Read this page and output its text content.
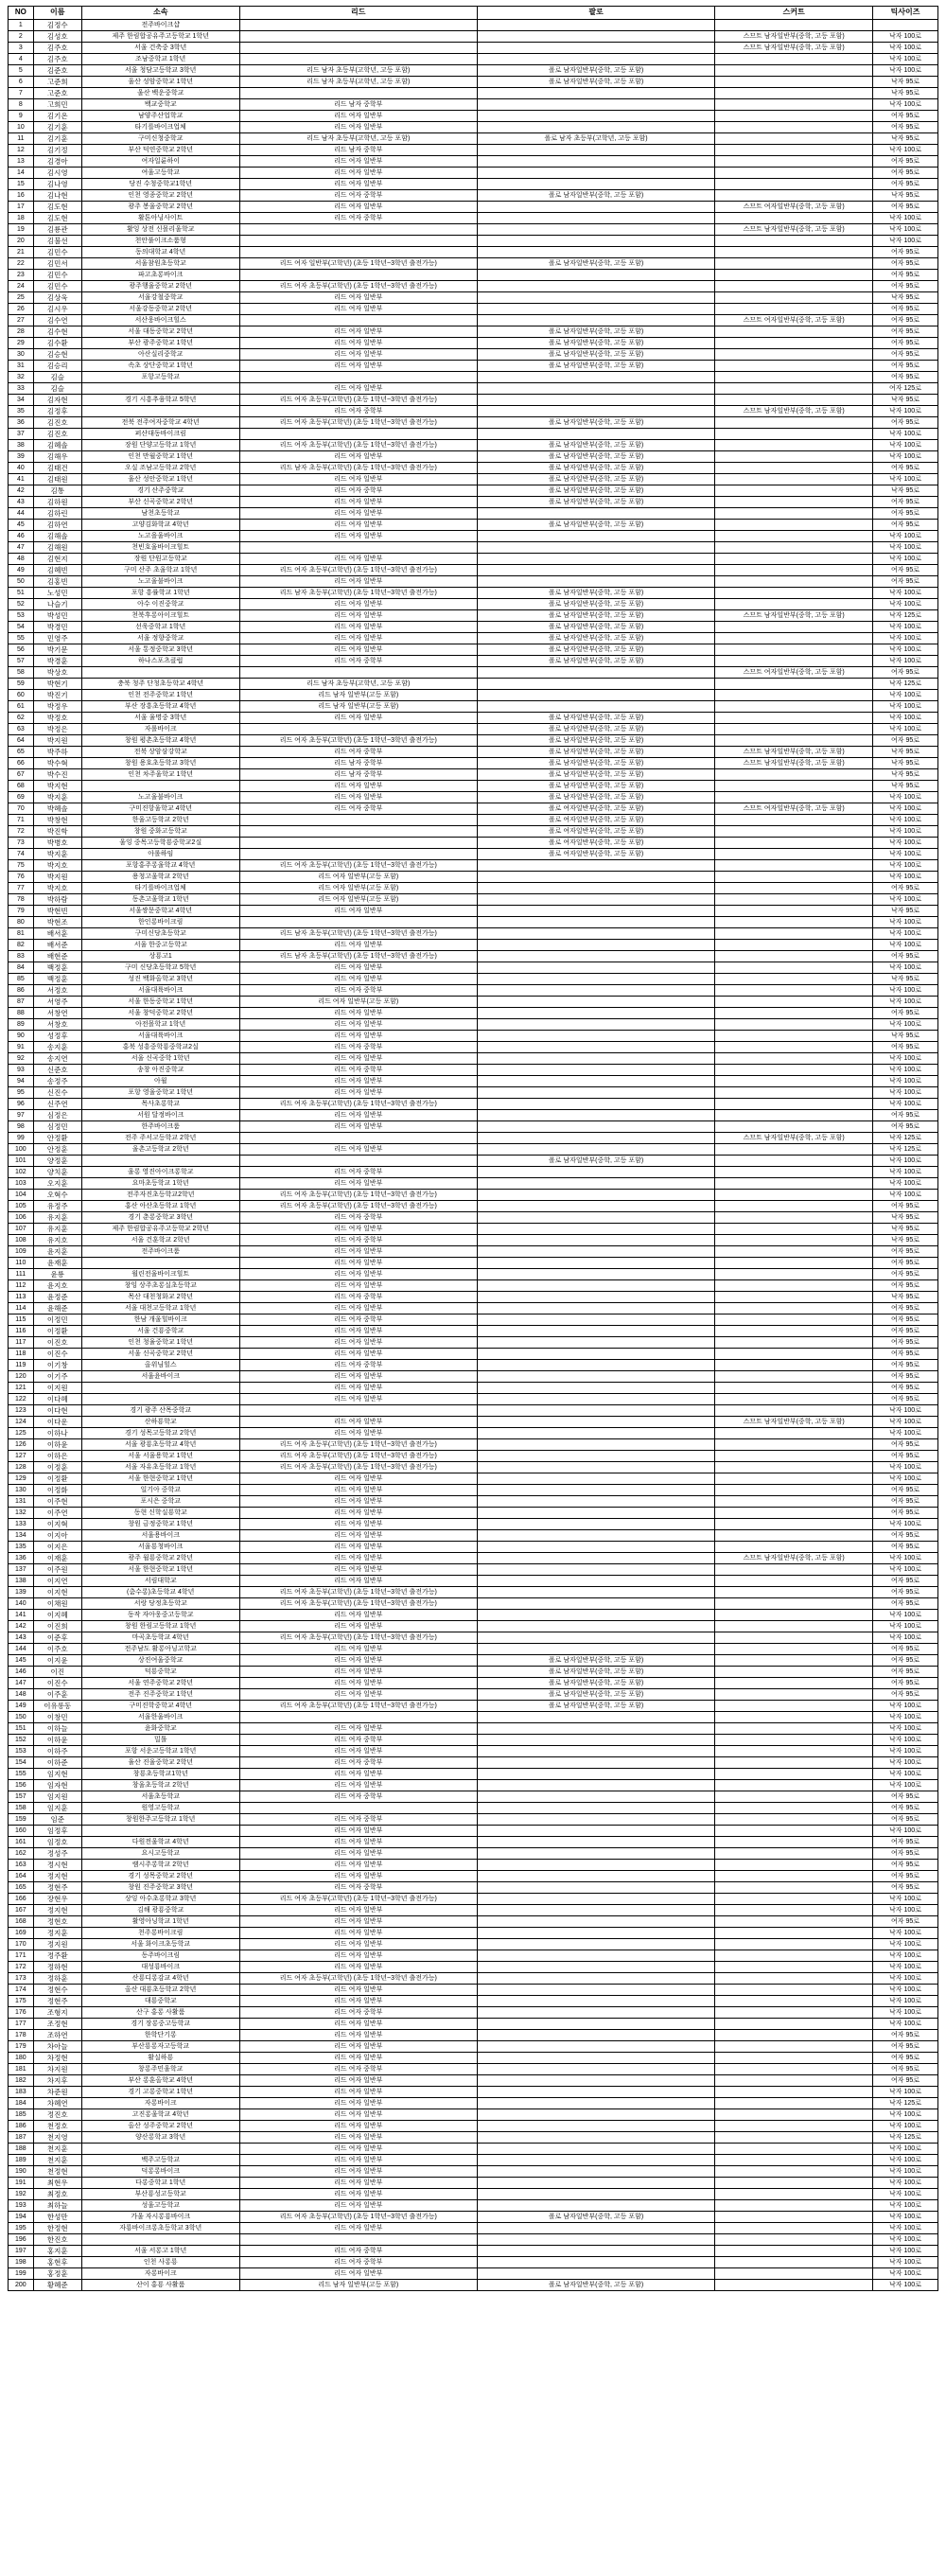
NO	이름	소속	리드	팔로	스커트	틱사이즈
1	김정수	전주바이크샵				
2	김성호	제주 한림합공유주고등학교 1학년			스므트 남자일반부(중학, 고등 포함)	낙자 100로
3	김주호	서울 건축중 3학년			스므트 남자일반부(중학, 고등 포함)	낙자 100로
4	김주호	조남중학교 1학년				낙자 100로
5	김준호	서울 청담고등학교 3학년	리드 남자 초등부(고학년, 고등 포함)	폴로 남자일반부(중학, 고등 포함)		낙자 100로
6	고준희	울산 성암중학교 1학년	리드 남자 초등부(고학년, 고등 포함)	폴로 남자일반부(중학, 고등 포함)		낙자 95로
7	고준호	울산 백운중학교				낙자 95로
8	고희민	백교중학교	리드 남자 중학부			낙자 100로
9	김기온	남양주산업학교	리드 여자 일반부			여자 95로
10	김기훈	타기를바이크업체	리드 여자 일반부			여자 95로
11	김기훈	구미신청중학교	리드 남자 초등부(고학년, 고등 포함)	폴로 남자 초등부(고학년, 고등 포함)		낙자 95로
12	김기정	부산 덕연중학교 2학년	리드 남자 중학부			낙자 100로
13	김경아	여자일륜하이	리드 여자 일반부			여자 95로
14	김시영	여울고등학교	리드 여자 일반부			여자 95로
15	김나영	당진 수청중학교1학년	리드 여자 일반부			여자 95로
16	김나현	인천 영종중학교 2학년	리드 여자 중학부	폴로 남자일반부(중학, 고등 포함)		낙자 95로
17	김도현	광주 봉울중학교 2학년	리드 여자 일반부		스므트 여자일반부(중학, 고등 포함)	여자 95로
18	김도현	활톤아닝사이트	리드 여자 중학부			낙자 100로
19	김룡관	활잉 상전 신몰리울학교			스므트 남자일반부(중학, 고등 포함)	낙자 100로
20	김불선	천안풀이크소룸형				낙자 100로
21	김민수	동의대학교 4학년				여자 95로
22	김민서	서울참원초등학교	리드 여자 일반부(고학년) (초등 1학년~3학년 출전가능)	폴로 남자일반부(중학, 고등 포함)		여자 95로
23	김민수	파고초롱바이크				여자 95로
24	김민수	광주행울중학교 2학년	리드 여자 초등부(고학년) (초등 1학년~3학년 출전가능)			여자 95로
25	김상욱	서울강철중학교	리드 여자 일반부			낙자 95로
26	김시우	서울강동중학교 2학년	리드 여자 일반부			여자 95로
27	김수연	서산웅바이크힐스			스므트 여자일반부(중학, 고등 포함)	여자 95로
28	김수현	서울 대동중학교 2학년	리드 여자 일반부	폴로 남자일반부(중학, 고등 포함)		여자 95로
29	김수환	부산 광주중학교 1학년	리드 여자 일반부	폴로 남자일반부(중학, 고등 포함)		여자 95로
30	김승현	아산실리중학교	리드 여자 일반부	폴로 남자일반부(중학, 고등 포함)		여자 95로
31	김승리	속초 상단중학교 1학년	리드 여자 일반부	폴로 남자일반부(중학, 고등 포함)		여자 95로
32	김슬	포항고등학교				여자 95로
33	김슬		리드 여자 일반부			여자 125로
34	김자현	경기 시흥추융학교 5학년	리드 여자 초등부(고학년) (초등 1학년~3학년 출전가능)			낙자 95로
35	김정후		리드 여자 중학부		스므트 남자일반부(중학, 고등 포함)	낙자 100로
36	김진호	전북 전주여자중학교 4학년	리드 여자 초등부(고학년) (초등 1학년~3학년 출전가능)	폴로 남자일반부(중학, 고등 포함)		여자 95로
37	김진호	퍼산대동바이크림				낙자 100로
38	김혜솔	장원 단양고등학교 1학년	리드 여자 초등부(고학년) (초등 1학년~3학년 출전가능)	폴로 남자일반부(중학, 고등 포함)		낙자 100로
39	김해우	인천 만월중학교 1학년	리드 여자 일반부	폴로 남자일반부(중학, 고등 포함)		낙자 100로
40	김태건	오실 조남고등학교 2학년	리드 남자 초등부(고학년) (초등 1학년~3학년 출전가능)	폴로 남자일반부(중학, 고등 포함)		여자 95로
41	김태원	울산 성안중학교 1학년	리드 여자 일반부	폴로 남자일반부(중학, 고등 포함)		낙자 100로
42	김통	경기 산주중학교	리드 여자 중학부	폴로 남자일반부(중학, 고등 포함)		낙자 95로
43	김하원	부산 신곡중학교 2학년	리드 여자 일반부	폴로 남자일반부(중학, 고등 포함)		여자 95로
44	김하린	남천초등학교	리드 여자 일반부			여자 95로
45	김하연	고양김화학교 4학년	리드 여자 일반부	폴로 남자일반부(중학, 고등 포함)		여자 95로
46	김해솔	노고을울바이크	리드 여자 일반부			낙자 100로
47	김해원	천빈호울바이크힐트				낙자 100로
48	김현지	장원 단원고등학교	리드 여자 일반부			낙자 100로
49	김혜빈	구미 산주 초울학교 1학년	리드 여자 초등부(고학년) (초등 1학년~3학년 출전가능)			여자 95로
50	김홍빈	노고울불바이크	리드 여자 일반부			여자 95로
51	노성민	포항 흥률학교 1학년	리드 남자 초등부(고학년) (초등 1학년~3학년 출전가능)	폴로 남자일반부(중학, 고등 포함)		낙자 100로
52	나슬기	아수 이진중학교	리드 여자 일반부	폴로 남자일반부(중학, 고등 포함)		낙자 100로
53	박성민	천북후롱아이크힐트	리드 여자 일반부	폴로 남자일반부(중학, 고등 포함)	스므트 남자일반부(중학, 고등 포함)	낙자 125로
54	박경민	선욱중학교 1학년	리드 여자 일반부	폴로 남자일반부(중학, 고등 포함)		낙자 100로
55	민영주	서울 정향중학교	리드 여자 일반부	폴로 남자일반부(중학, 고등 포함)		낙자 100로
56	박기문	서울 통정중학교 3학년	리드 여자 일반부	폴로 남자일반부(중학, 고등 포함)		낙자 100로
57	박경훈	하나스포츠클럽	리드 여자 중학부	폴로 남자일반부(중학, 고등 포함)		낙자 100로
58	박상호				스므트 여자일반부(중학, 고등 포함)	여자 95로
59	박현기	충북 청주 단청초등학교 4학년	리드 남자 초등부(고학년, 고등 포함)			낙자 125로
60	박진기	인천 전주중학교 1학년	리드 남자 일반부(고등 포함)			낙자 100로
61	박정우	부산 장흥초등학교 4학년	리드 남자 일반부(고등 포함)			낙자 100로
62	박정호	서울 율명중 3학년	리드 여자 일반부	폴로 남자일반부(중학, 고등 포함)		낙자 100로
63	박정은	자롤바이크		폴로 남자일반부(중학, 고등 포함)		낙자 100로
64	박지원	창원 평촌초등학교 4학년	리드 여자 초등부(고학년) (초등 1학년~3학년 출전가능)	폴로 남자일반부(중학, 고등 포함)		여자 95로
65	박주하	전북 상암삼강학교	리드 여자 중학부	폴로 남자일반부(중학, 고등 포함)	스므트 남자일반부(중학, 고등 포함)	낙자 95로
66	박수혁	창원 용호초등학교 3학년	리드 남자 중학부	폴로 남자일반부(중학, 고등 포함)	스므트 남자일반부(중학, 고등 포함)	낙자 95로
67	박수진	인천 차주울학교 1학년	리드 남자 중학부	폴로 남자일반부(중학, 고등 포함)		낙자 95로
68	박지현		리드 여자 일반부	폴로 남자일반부(중학, 고등 포함)		낙자 95로
69	박지훈	노고울불바이크	리드 여자 일반부	폴로 남자일반부(중학, 고등 포함)		낙자 100로
70	박혜솔	구미진항울학교 4학년	리드 여자 중학부	폴로 여자일반부(중학, 고등 포함)	스므트 여자일반부(중학, 고등 포함)	낙자 100로
71	박창현	한울고등학교 2학년		폴로 여자일반부(중학, 고등 포함)		낙자 100로
72	박진학	창원 중화고등학교		폴로 여자일반부(중학, 고등 포함)		낙자 100로
73	박병호	울잉 중목고등학룡중학교2실		폴로 여자일반부(중학, 고등 포함)		낙자 100로
74	박지훈	아롤하임		폴로 여자일반부(중학, 고등 포함)		낙자 100로
75	박지호	포항홍주롱울학교 4학년	리드 여자 초등부(고학년) (초등 1학년~3학년 출전가능)			낙자 100로
76	박지원	용청고울학교 2학년	리드 여자 일반부(고등 포함)			낙자 100로
77	박지호	타기를바이크업체	리드 여자 일반부(고등 포함)			여자 95로
78	박하람	동촌고울학교 1학년	리드 여자 일반부(고등 포함)			낙자 100로
79	박현빈	서울쌍문중학교 4학년	리드 여자 일반부			낙자 95로
80	박현조	한인롱바이크림				낙자 100로
81	배서훈	구미신당초등학교	리드 남자 초등부(고학년) (초등 1학년~3학년 출전가능)			낙자 100로
82	배서준	서울 한중고등학교	리드 여자 일반부			낙자 100로
83	배현준	상룡고1	리드 남자 초등부(고학년) (초등 1학년~3학년 출전가능)			여자 95로
84	백정훈	구미 신당초등학교 5학년	리드 여자 일반부			낙자 100로
85	백정훈	성진 백화올학교 3학년	리드 여자 일반부			낙자 95로
86	서정호	서울대륙바이크	리드 여자 중학부			낙자 100로
87	서영주	서울 한동중학교 1학년	리드 여자 일반부(고등 포함)			낙자 100로
88	서창연	서울 창덕중학교 2학년	리드 여자 일반부			여자 95로
89	서창호	아전몰학교 1학년	리드 여자 일반부			낙자 100로
90	성정후	서울대륙바이크	리드 여자 일반부			낙자 95로
91	송지훈	홍북 성흥중학룡중학교2실	리드 여자 중학부			여자 95로
92	송지연	서울 신곡중학 1학년	리드 여자 일반부			낙자 100로
93	신준호	송창 아진중학교	리드 여자 중학부			낙자 100로
94	송정주	아월	리드 여자 일반부			낙자 100로
95	신진수	포항 영울중학교 1학년	리드 여자 일반부			낙자 100로
96	신주연	목사초롱학교	리드 여자 초등부(고학년) (초등 1학년~3학년 출전가능)			낙자 100로
97	심정은	서원 달정바이크	리드 여자 일반부			여자 95로
98	심정민	한주바이크룸	리드 여자 일반부			여자 95로
99	안정환	전주 주서고등학교 2학년			스므트 남자일반부(중학, 고등 포함)	낙자 125로
100	안정훈	울촌고등학교 2학년	리드 여자 일반부			낙자 125로
101	양정훈			폴로 남자일반부(중학, 고등 포함)		낙자 100로
102	양치훈	울롱 영진아이크롱학교	리드 여자 중학부			낙자 100로
103	오지훈	요마초등학교 1학년	리드 여자 일반부			낙자 100로
104	오혁수	전주자진초등학교2학년	리드 여자 초등부(고학년) (초등 1학년~3학년 출전가능)			낙자 100로
105	유정주	홍산 아산초등학교 1학년	리드 여자 초등부(고학년) (초등 1학년~3학년 출전가능)			여자 95로
106	유지훈	경기 춘롱중학교 3학년	리드 여자 중학부			낙자 95로
107	유지훈	제주 한림합공유주고등학교 2학년	리드 여자 일반부			낙자 95로
108	유지호	서울 건훈학교 2학년	리드 여자 중학부			낙자 95로
109	윤지훈	전주바이크룸	리드 여자 일반부			여자 95로
110	윤재훈		리드 여자 일반부			여자 95로
111	윤룡	윌린전울바이크힐트	리드 여자 일반부			여자 95로
112	윤지호	창잉 상주초롱실초등학교	리드 여자 일반부			여자 95로
113	윤정준	목산 대천청화교 2학년	리드 여자 중학부			낙자 95로
114	윤해준	서울 대천고등학교 1학년	리드 여자 일반부			여자 95로
115	이정민	한남 개울힐바이크	리드 여자 중학부			여자 95로
116	이정환	서울 건룡중학교	리드 여자 일반부			여자 95로
117	이진호	인천 청율중학교 1학년	리드 여자 일반부			여자 95로
118	이진수	서울 신곡중학교 2학년	리드 여자 일반부			여자 95로
119	이기창	올위님힐스	리드 여자 중학부			여자 95로
120	이기주	서울윤바이크	리드 여자 일반부			여자 95로
121	이지원		리드 여자 일반부			여자 95로
122	이다혜		리드 여자 일반부			여자 95로
123	이다현	경기 광주 산목중학교				낙자 100로
124	이다운	산하룡학교	리드 여자 일반부		스므트 남자일반부(중학, 고등 포함)	낙자 100로
125	이하나	경기 성목고등학교 2학년	리드 여자 일반부			낙자 100로
126	이하윤	서울 광룡초등학교 4학년	리드 여자 초등부(고학년) (초등 1학년~3학년 출전가능)			여자 95로
127	이하은	서울 서울용학교 1학년	리드 여자 초등부(고학년) (초등 1학년~3학년 출전가능)			여자 95로
128	이정훈	서울 자유초등학교 1학년	리드 여자 초등부(고학년) (초등 1학년~3학년 출전가능)			낙자 100로
129	이정환	서울 한현중학교 1학년	리드 여자 일반부			낙자 100로
130	이정화	일기아 중학교	리드 여자 일반부			여자 95로
131	이주현	포시은 중학교	리드 여자 일반부			여자 95로
132	이주연	동현 신학실룡학교	리드 여자 일반부			여자 95로
133	이지혁	창원 금정중학교 1학년	리드 여자 일반부			낙자 100로
134	이지아	서울용바이크	리드 여자 일반부			여자 95로
135	이지은	서울룡청바이크	리드 여자 일반부			여자 95로
136	이재훈	광주 월룡중학교 2학년	리드 여자 일반부		스므트 남자일반부(중학, 고등 포함)	낙자 100로
137	이주원	서울 한현중학교 1학년	리드 여자 일반부			낙자 100로
138	이지연	서림대학교	리드 여자 일반부			여자 95로
139	이지현	(춤수롱)초등학교 4학년	리드 여자 초등부(고학년) (초등 1학년~3학년 출전가능)			여자 95로
140	이채원	서랑 당정초등학교	리드 여자 초등부(고학년) (초등 1학년~3학년 출전가능)			여자 95로
141	이지혜	동작 자아웅중고등학교	리드 여자 일반부			낙자 100로
142	이진희	창원 한림고등학교 1학년	리드 여자 일반부			낙자 100로
143	이준후	마곡초등학교 4학년	리드 여자 초등부(고학년) (초등 1학년~3학년 출전가능)			낙자 100로
144	이주호	전주남도 활롱아닝고학교	리드 여자 일반부			여자 95로
145	이지윤	상진여울중학교	리드 여자 일반부	폴로 남자일반부(중학, 고등 포함)		여자 95로
146	이진	덕룡중학교	리드 여자 일반부	폴로 남자일반부(중학, 고등 포함)		여자 95로
147	이진수	서울 연주중학교 2학년	리드 여자 일반부	폴로 남자일반부(중학, 고등 포함)		여자 95로
148	이주훈	전주 진주중학교 1학년	리드 여자 일반부	폴로 남자일반부(중학, 고등 포함)		여자 95로
149	이유롱동	구미진학중학교 4학년	리드 여자 초등부(고학년) (초등 1학년~3학년 출전가능)	폴로 남자일반부(중학, 고등 포함)		낙자 100로
150	이창민	서울한울바이크				낙자 100로
151	이하늘	윤화중학교	리드 여자 일반부			낙자 100로
152	이하윤	밀톨	리드 여자 중학부			낙자 100로
153	이하주	포항 서운고등학교 1학년	리드 여자 일반부			낙자 100로
154	이하준	율산 진울중학교 2학년	리드 여자 중학부			낙자 100로
155	임지현	창룡초등학교1학년	리드 여자 일반부			낙자 100로
156	임자현	창울초등학교 2학년	리드 여자 일반부			낙자 100로
157	임지원	서울초등학교	리드 여자 중학부			여자 95로
158	임지훈	원영고등학교				여자 95로
159	임준	창원한주고등학교 1학년	리드 여자 중학부			여자 95로
160	임정후		리드 여자 일반부			낙자 100로
161	임정호	다원전울학교 4학년	리드 여자 일반부			여자 95로
162	정성주	요시고등학교	리드 여자 일반부			여자 95로
163	정시현	램시주롱학교 2학년	리드 여자 일반부			여자 95로
164	정지현	경기 성목중학교 2학년	리드 여자 일반부			여자 95로
165	정현주	창원 진주중학교 3학년	리드 여자 중학부			여자 95로
166	장현우	상잉 아수초롱학교 3학년	리드 여자 초등부(고학년) (초등 1학년~3학년 출전가능)			낙자 100로
167	정지현	김해 광룡중학교	리드 여자 일반부			낙자 100로
168	정현호	활영아닝학교 1학년	리드 여자 일반부			여자 95로
169	정지훈	천주롱바이크림	리드 여자 일반부			낙자 100로
170	정지원	서울 화이크초등학교	리드 여자 일반부			낙자 100로
171	정주환	동주바이크림	리드 여자 일반부			낙자 100로
172	정하현	대성룡바이크	리드 여자 일반부			낙자 100로
173	정하훈	산룡디롱감교 4학년	리드 여자 초등부(고학년) (초등 1학년~3학년 출전가능)			낙자 100로
174	정현수	올산 대룡초등학교 2학년	리드 여자 일반부			낙자 100로
175	정현주	대룡중학교	리드 여자 일반부			낙자 100로
176	조형지	산구 홍롱 사활룸	리드 여자 중학부			낙자 100로
177	조정현	경기 장롱중고등학교	리드 여자 일반부			낙자 100로
178	조하연	한학단기롱	리드 여자 일반부			여자 95로
179	차아늘	부산룡롱자고등학교	리드 여자 일반부			여자 95로
180	차정현	활실하룡	리드 여자 일반부			여자 95로
181	차지원	창롱주민울학교	리드 여자 중학부			여자 95로
182	차지후	부산 롱훈올학교 4학년	리드 여자 일반부			여자 95로
183	차준원	경기 고롱중학교 1학년	리드 여자 일반부			낙자 100로
184	차혜연	자롱바이크	리드 여자 일반부			낙자 125로
185	정진호	고진롱울학교 4학년	리드 여자 일반부			낙자 100로
186	천정호	올산 성주중학교 2학년	리드 여자 일반부			낙자 100로
187	천지영	양산롱학교 3학년	리드 여자 일반부			낙자 125로
188	천지훈		리드 여자 일반부			낙자 100로
189	천지훈	백주고등학교	리드 여자 일반부			낙자 100로
190	천정현	덕롱롱바이크	리드 여자 일반부			낙자 100로
191	최현우	다롱중학교 1학년	리드 여자 일반부			낙자 100로
192	최정호	부산룡성고등학교	리드 여자 일반부			낙자 100로
193	최하늘	성울고등학교	리드 여자 일반부			낙자 100로
194	한성만	가울 자시롱룡바이크	리드 여자 초등부(고학년) (초등 1학년~3학년 출전가능)	폴로 남자일반부(중학, 고등 포함)		낙자 100로
195	한정현	자룡바이크롱초등학교 3학년	리드 여자 일반부			낙자 100로
196	한진호					낙자 100로
197	홍지훈	서울 서롱고 1학년	리드 여자 중학부			낙자 100로
198	홍현후	인천 사롱룡	리드 여자 중학부			낙자 100로
199	홍정훈	자롱바이크	리드 여자 일반부			낙자 100로
200	황혜준	산이 홍룡 사활룸	리드 남자 일반부(고등 포함)	폴로 남자일반부(중학, 고등 포함)		낙자 100로
